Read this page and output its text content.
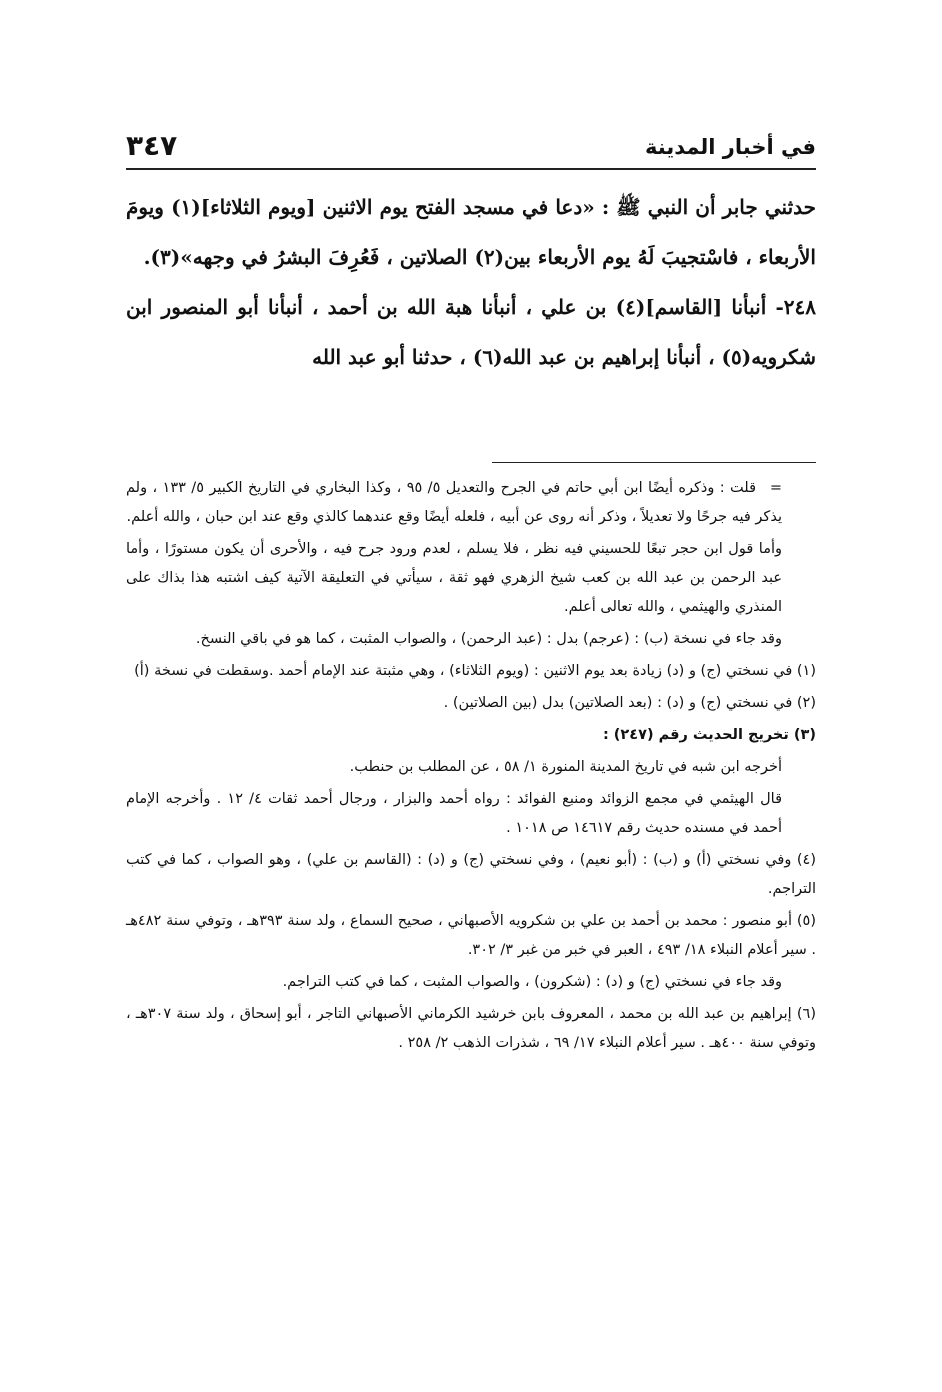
في أخبار المدينة
٣٤٧

حدثني جابر أن النبي ﷺ : «دعا في مسجد الفتح يوم الاثنين [ويوم الثلاثاء](١) ويومَ الأربعاء ، فاسْتجيبَ لَهُ يوم الأربعاء بين(٢) الصلاتين ، فَعُرِفَ البشرُ في وجهه»(٣).

٢٤٨- أنبأنا [القاسم](٤) بن علي ، أنبأنا هبة الله بن أحمد ، أنبأنا أبو المنصور ابن شكرويه(٥) ، أنبأنا إبراهيم بن عبد الله(٦) ، حدثنا أبو عبد الله

=قلت : وذكره أيضًا ابن أبي حاتم في الجرح والتعديل ٥/ ٩٥ ، وكذا البخاري في التاريخ الكبير ٥/ ١٣٣ ، ولم يذكر فيه جرحًا ولا تعديلاً ، وذكر أنه روى عن أبيه ، فلعله أيضًا وقع عندهما كالذي وقع عند ابن حبان ، والله أعلم.

وأما قول ابن حجر تبعًا للحسيني فيه نظر ، فلا يسلم ، لعدم ورود جرح فيه ، والأحرى أن يكون مستورًا ، وأما عبد الرحمن بن عبد الله بن كعب شيخ الزهري فهو ثقة ، سيأتي في التعليقة الآتية كيف اشتبه هذا بذاك على المنذري والهيثمي ، والله تعالى أعلم.

وقد جاء في نسخة (ب) : (عرجم) بدل : (عبد الرحمن) ، والصواب المثبت ، كما هو في باقي النسخ.

(١) في نسختي (ج) و (د) زيادة بعد يوم الاثنين : (ويوم الثلاثاء) ، وهي مثبتة عند الإمام أحمد .وسقطت في نسخة (أ)

(٢) في نسختي (ج) و (د) : (بعد الصلاتين) بدل (بين الصلاتين) .

(٣) تخريج الحديث رقم (٢٤٧) :

أخرجه ابن شبه في تاريخ المدينة المنورة ١/ ٥٨ ، عن المطلب بن حنطب.

قال الهيثمي في مجمع الزوائد ومنبع الفوائد : رواه أحمد والبزار ، ورجال أحمد ثقات ٤/ ١٢ . وأخرجه الإمام أحمد في مسنده حديث رقم ١٤٦١٧ ص ١٠١٨ .

(٤) وفي نسختي (أ) و (ب) : (أبو نعيم) ، وفي نسختي (ج) و (د) : (القاسم بن علي) ، وهو الصواب ، كما في كتب التراجم.

(٥) أبو منصور : محمد بن أحمد بن علي بن شكرويه الأصبهاني ، صحيح السماع ، ولد سنة ٣٩٣هـ ، وتوفي سنة ٤٨٢هـ . سير أعلام النبلاء ١٨/ ٤٩٣ ، العبر في خبر من غبر ٣/ ٣٠٢.

وقد جاء في نسختي (ج) و (د) : (شكرون) ، والصواب المثبت ، كما في كتب التراجم.

(٦) إبراهيم بن عبد الله بن محمد ، المعروف بابن خرشيد الكرماني الأصبهاني التاجر ، أبو إسحاق ، ولد سنة ٣٠٧هـ ، وتوفي سنة ٤٠٠هـ . سير أعلام النبلاء ١٧/ ٦٩ ، شذرات الذهب ٢/ ٢٥٨ .
